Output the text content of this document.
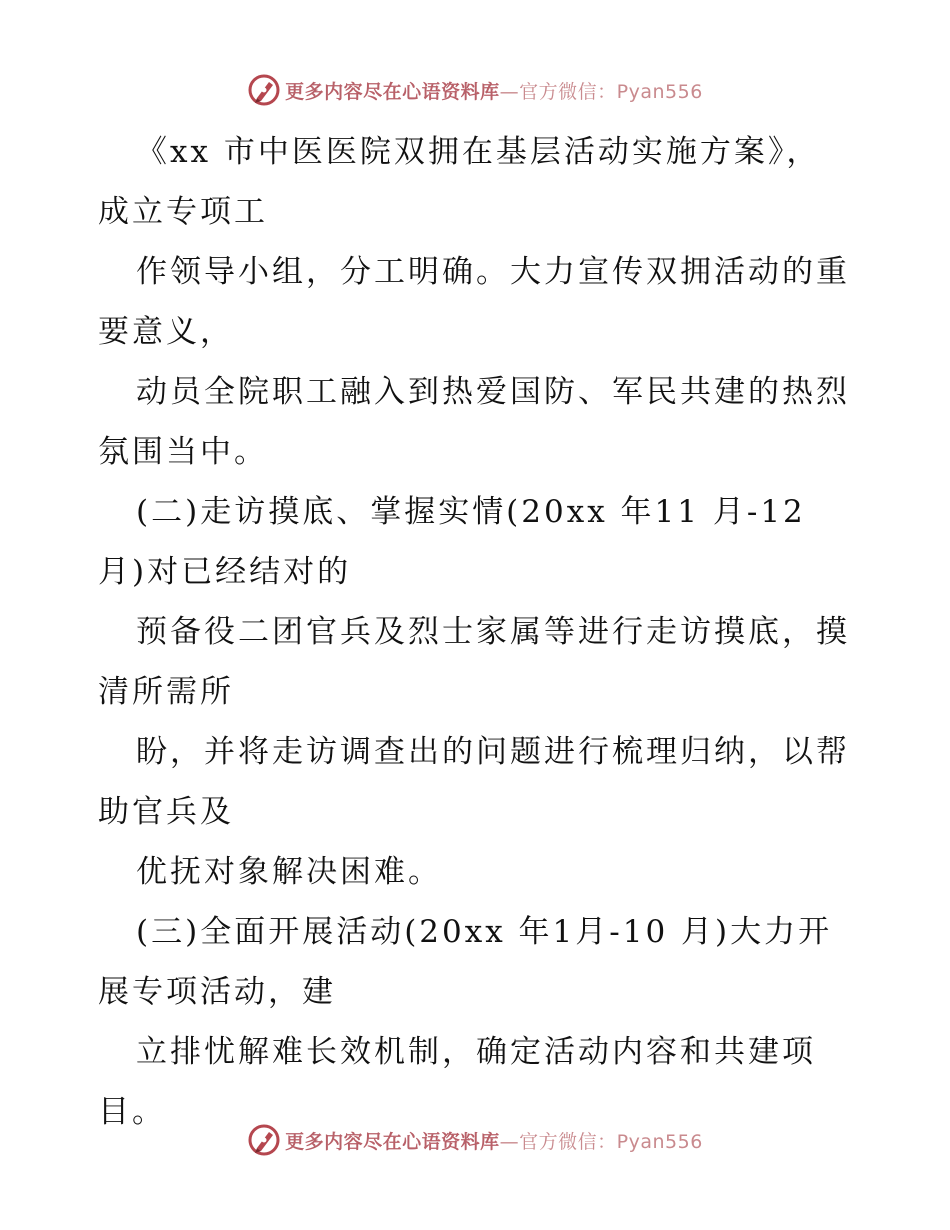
更多内容尽在心语资料库—官方微信：Pyan556
《xx 市中医医院双拥在基层活动实施方案》，
成立专项工
作领导小组，分工明确。大力宣传双拥活动的重
要意义，
动员全院职工融入到热爱国防、军民共建的热烈
氛围当中。
(二)走访摸底、掌握实情(20xx 年11 月-12
月)对已经结对的
预备役二团官兵及烈士家属等进行走访摸底，摸
清所需所
盼，并将走访调查出的问题进行梳理归纳，以帮
助官兵及
优抚对象解决困难。
(三)全面开展活动(20xx 年1月-10 月)大力开
展专项活动，建
立排忧解难长效机制，确定活动内容和共建项
目。
更多内容尽在心语资料库—官方微信：Pyan556
